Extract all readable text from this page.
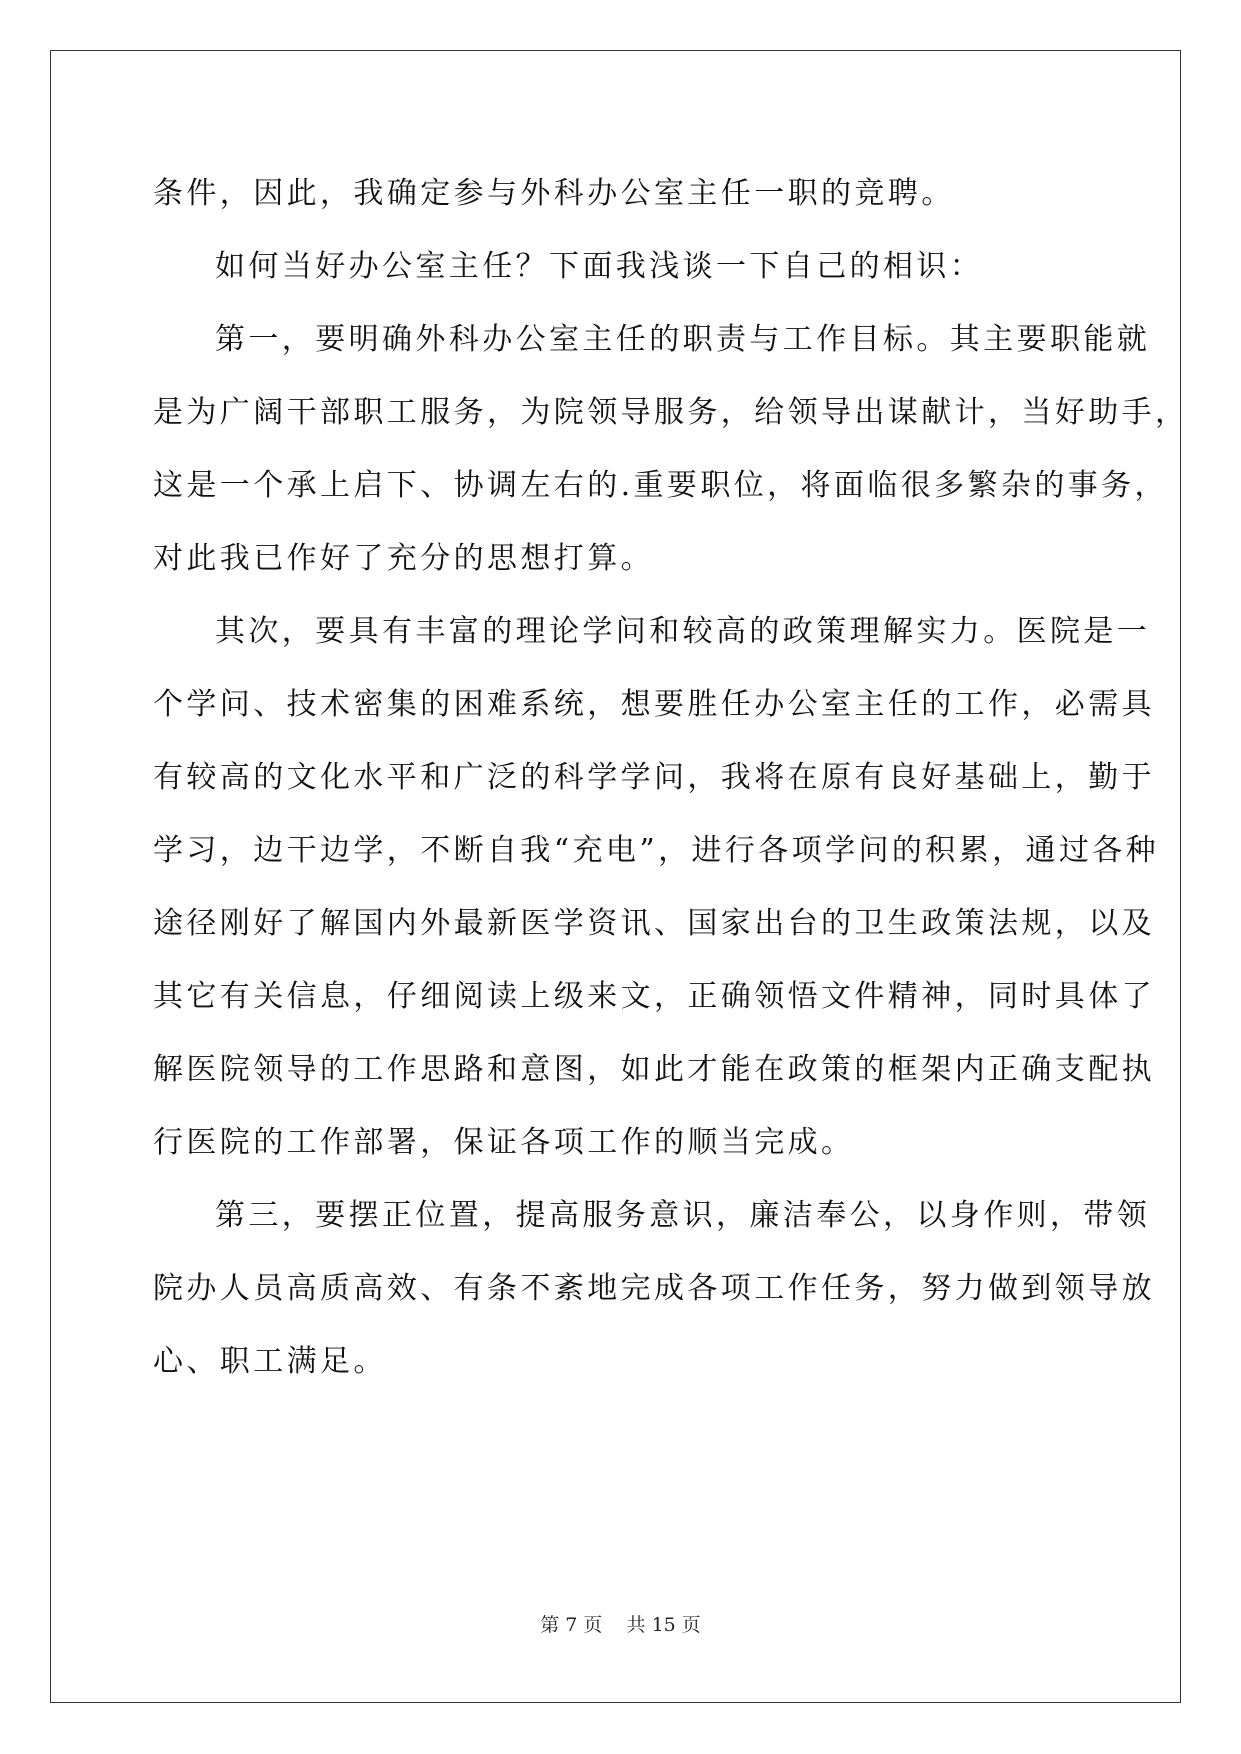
条件，因此，我确定参与外科办公室主任一职的竞聘。
如何当好办公室主任？下面我浅谈一下自己的相识：
第一，要明确外科办公室主任的职责与工作目标。其主要职能就
是为广阔干部职工服务，为院领导服务，给领导出谋献计，当好助手，
这是一个承上启下、协调左右的.重要职位，将面临很多繁杂的事务，
对此我已作好了充分的思想打算。
其次，要具有丰富的理论学问和较高的政策理解实力。医院是一
个学问、技术密集的困难系统，想要胜任办公室主任的工作，必需具
有较高的文化水平和广泛的科学学问，我将在原有良好基础上，勤于
学习，边干边学，不断自我“充电”，进行各项学问的积累，通过各种
途径刚好了解国内外最新医学资讯、国家出台的卫生政策法规，以及
其它有关信息，仔细阅读上级来文，正确领悟文件精神，同时具体了
解医院领导的工作思路和意图，如此才能在政策的框架内正确支配执
行医院的工作部署，保证各项工作的顺当完成。
第三，要摆正位置，提高服务意识，廉洁奉公，以身作则，带领
院办人员高质高效、有条不紊地完成各项工作任务，努力做到领导放
心、职工满足。
第 7 页 共 15 页
